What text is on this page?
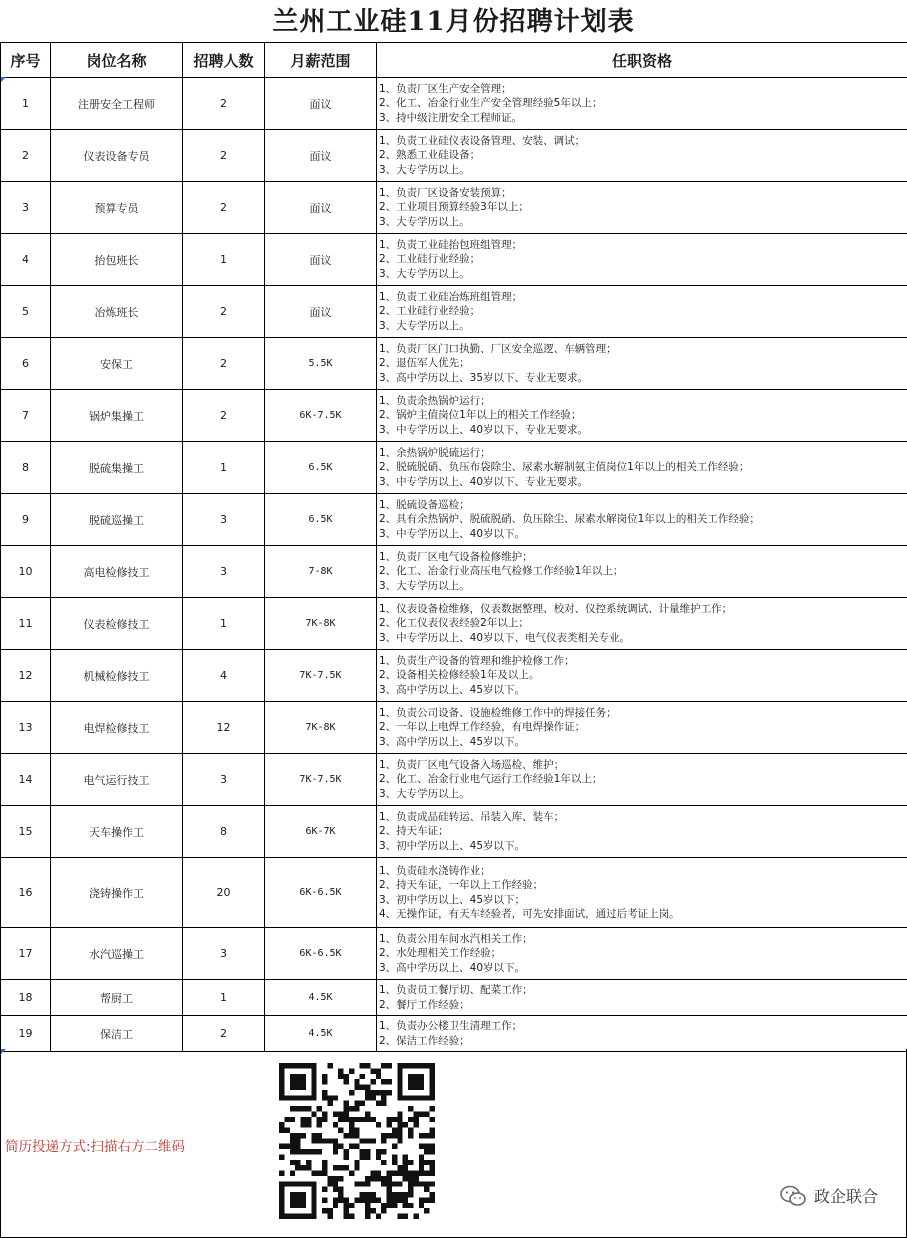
兰州工业硅11月份招聘计划表
序号	岗位名称	招聘人数	月薪范围	任职资格
1	注册安全工程师	2	面议	1、负责厂区生产安全管理；
2、化工、冶金行业生产安全管理经验5年以上；
3、持中级注册安全工程师证。

2	仪表设备专员	2	面议	1、负责工业硅仪表设备管理、安装、调试；
2、熟悉工业硅设备；
3、大专学历以上。

3	预算专员	2	面议	1、负责厂区设备安装预算；
2、工业项目预算经验3年以上；
3、大专学历以上。

4	抬包班长	1	面议	1、负责工业硅抬包班组管理；
2、工业硅行业经验；
3、大专学历以上。

5	冶炼班长	2	面议	1、负责工业硅冶炼班组管理；
2、工业硅行业经验；
3、大专学历以上。

6	安保工	2	5.5K	1、负责厂区门口执勤、厂区安全巡逻、车辆管理；
2、退伍军人优先；
3、高中学历以上、35岁以下、专业无要求。

7	锅炉集操工	2	6K-7.5K	1、负责余热锅炉运行；
2、锅炉主值岗位1年以上的相关工作经验；
3、中专学历以上、40岁以下、专业无要求。

8	脱硫集操工	1	6.5K	1、余热锅炉脱硫运行；
2、脱硫脱硝、负压布袋除尘、尿素水解制氨主值岗位1年以上的相关工作经验；
3、中专学历以上、40岁以下、专业无要求。

9	脱硫巡操工	3	6.5K	1、脱硫设备巡检；
2、具有余热锅炉、脱硫脱硝、负压除尘、尿素水解岗位1年以上的相关工作经验；
3、中专学历以上、40岁以下。

10	高电检修技工	3	7-8K	1、负责厂区电气设备检修维护；
2、化工、冶金行业高压电气检修工作经验1年以上；
3、大专学历以上。

11	仪表检修技工	1	7K-8K	1、仪表设备检维修，仪表数据整理、校对、仪控系统调试、计量维护工作；
2、化工仪表仪表经验2年以上；
3、中专学历以上、40岁以下、电气仪表类相关专业。

12	机械检修技工	4	7K-7.5K	1、负责生产设备的管理和维护检修工作；
2、设备相关检修经验1年及以上。
3、高中学历以上、45岁以下。

13	电焊检修技工	12	7K-8K	1、负责公司设备、设施检维修工作中的焊接任务；
2、一年以上电焊工作经验，有电焊操作证；
3、高中学历以上、45岁以下。

14	电气运行技工	3	7K-7.5K	1、负责厂区电气设备入场巡检、维护；
2、化工、冶金行业电气运行工作经验1年以上；
3、大专学历以上。

15	天车操作工	8	6K-7K	1、负责成品硅转运、吊装入库、装车；
2、持天车证；
3、初中学历以上、45岁以下。

16	浇铸操作工	20	6K-6.5K	1、负责硅水浇铸作业；
2、持天车证，一年以上工作经验；
3、初中学历以上、45岁以下；
4、无操作证，有天车经验者，可先安排面试，通过后考证上岗。

17	水汽巡操工	3	6K-6.5K	1、负责公用车间水汽相关工作；
2、水处理相关工作经验；
3、高中学历以上、40岁以下。

18	帮厨工	1	4.5K	1、负责员工餐厅切、配菜工作；
2、餐厅工作经验；

19	保洁工	2	4.5K	1、负责办公楼卫生清理工作；
2、保洁工作经验；
简历投递方式:扫描右方二维码
政企联合
